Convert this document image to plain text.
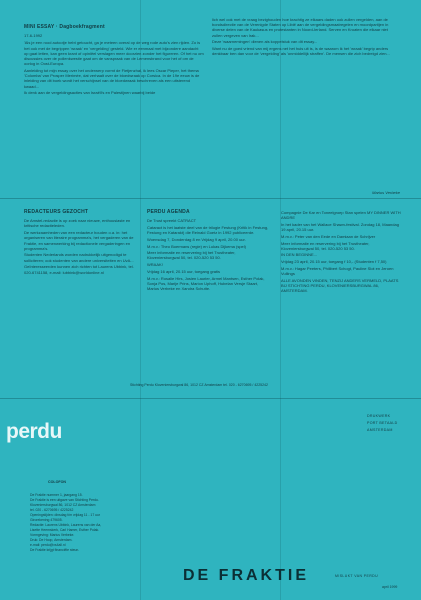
MINI ESSAY · Dagboekfragment
17-6-1992

'Als je een rood autootje hebt getoucht, ga je meteen overal op de weg rode auto's zien rijden. Zo is het ook met de begrippen 'wraak' en 'vergelding' gesteld. Wie er eenmaal met bijzondere aandacht op gaat letten, kan geen krant of opiniëel verslagen meer doorzien zonder het figureren. Of het nu om discussies over de pollenkwestie gaat om de vanspraak van de Lemensbrand voor het of om de oorlog in Oost-Europa.

Aanleiding tot mijn essay over het onderwerp vormt de Fietjenzhal, ik lees Oscar Pieper, het thema 'Colomba' van Prosper Merimée, dat verhaalt over de bloedwraak op Corsica. In de 19e eeuw is de inleiding van dit boek wordt het verschijnsel van de bloedwraak beschreven als een uitsterend kwaad...

Ik denk aan de vergeldingsacties van Israëli's en Palestijnen waarbij beide

lich wel ook met de vraag bezighouden hoe krachtig ze elkaars daden ook zullen vergelden, aan de bondsdirectie van de Verenigde Staten op Libië aan de vergeldingsmaatregelen en moordpartijen in diverse delen van de Kaukasus en protestanten in Noord-Ierland. Serven en Kroaten die elkaar niet zullen vergeven van Irak...

Deze 'waarnemingen' dienen als koppelstuk van dit essay...

Want nu de goed vriend van mij ergens net het huis uit is, is de waarom ik het 'wraak' begrip anders denkbaar ben dan voor de 'vergelding' als 'onmiddellijk straffen'. De mensen die zich bedreigd zien...

Marius Verbeke
REDACTEURS GEZOCHT

De Amstel-redactie is op zoek naar nieuwe, enthousiaste en kritische redactieleden.

De werkzaamheden van een redacteur houden o.a. in: het organiseren van literaire programma's, het vergaderen van de Fraktie, en samenwerking bij redactionele vergaderingen en programma's.

Studenten Nederlands worden nadrukkelijk uitgenodigd te solliciteren; ook studenten van andere universiteiten en UvA...

Geïnteresseerden kunnen zich richten tot Laurens Ubbink, tel. 020-6741158, e-mail: lubbink@worldonline.nl

PERDU AGENDA

De Trust spreekt CATRACT

Cataract is het laatste deel van de trilogie Festung (Kritik in Festung, Festung en Katarakt) die Reinald Goetz in 1992 publiceerde.

Woensdag 7, Donderdag 8 en Vrijdag 9 april, 20.00 uur.

M.m.v.: Theo Boermans (regie) en Lukas Dijkema (spel)

Meer informatie en reservering bij het Trustheater, Kloveniersburgwal 50, tel. 020-520 53 50.

WRAAK!

Vrijdag 16 april, 20.15 uur, toegang gratis

M.m.v.: Rosalie Hirs, Josien Laurier, Armel Mantsen, Esther Polak, Sonja Pos, Marije Prins, Marion Uphoff, Hubelan Versje Staart, Marius Verbeke en Xandra Schutte.

Compagnie De Kar en Toneelgroep Stan spelen MY DINNER WITH ANDRE

In het kader van het Wallace Shawn-festival. Zondag 18, Maandag 19 april, 20.15 uur.

M.m.v.: Peter van den Eede en Damiaan de Schrijver

Meer informatie en reservering bij het Trustheater, Kloveniersburgwal 50, tel. 020-520 53 50.

IN DEN BEGINNE...

Vrijdag 23 april, 20.15 uur, toegang f 10,- (Studenten f 7,50)

M.m.v.: Hagar Peeters, Philibert Schogt, Pauline Slot en Jeroen Vullings

ALLE AVONDEN VINDEN, TENZIJ ANDERS VERMELD, PLAATS BIJ STICHTING PERDU, KLOVENIERSBURGWAL 86, AMSTERDAM.

Stichting Perdu Kloveniersburgwal 86, 1012 CZ Amsterdam tel. 020 - 6270695 / 4225242
DRUKWERK
PORT BETAALD
AMSTERDAM
perdu
COLOFON
De Fraktie nummer 1, jaargang 15.
De Fraktie is een uitgave van Stichting Perdu.
Kloveniersburgwal 86, 1012 CZ Amsterdam
tel. 020 - 6270695 / 4225242
Openingstijden: dinsdag t/m vrijdag 11 - 17 uur
Girorekening 479605.
Redactie: Laurens Ubbink, Laurens van der Aa,
Lisette Heemskerk, Carl Hamer, Esther Polak.
Vormgeving: Marius Verbeke.
Druk: De Hoop, Amsterdam.
e-mail: perdu@xs4all.nl
De Fraktie krijgt financiële steun.
DE FRAKTIE	MISLUKT VAN PERDU
april 1999
